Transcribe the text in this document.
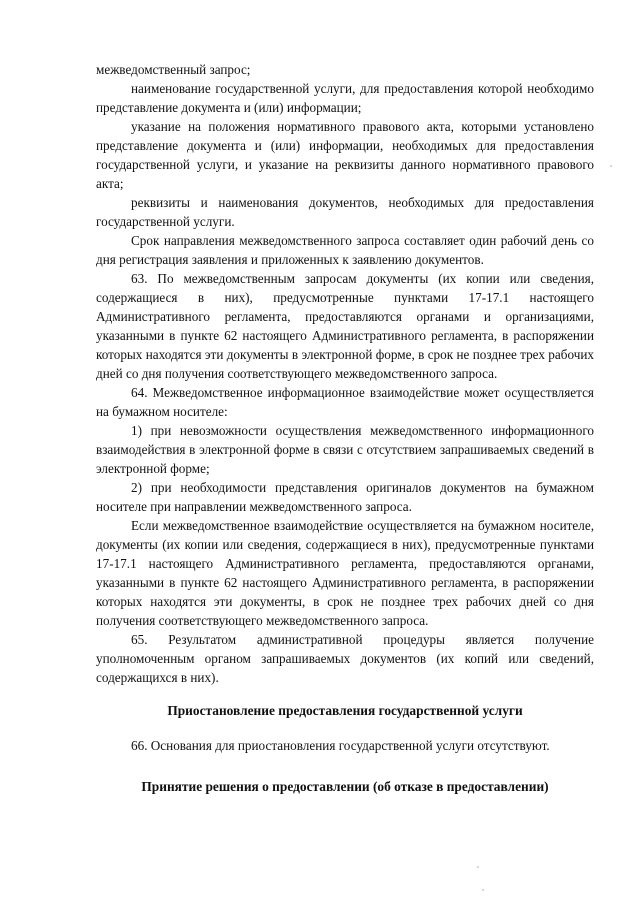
межведомственный запрос;

наименование государственной услуги, для предоставления которой необходимо представление документа и (или) информации;

указание на положения нормативного правового акта, которыми установлено представление документа и (или) информации, необходимых для предоставления государственной услуги, и указание на реквизиты данного нормативного правового акта;

реквизиты и наименования документов, необходимых для предоставления государственной услуги.

Срок направления межведомственного запроса составляет один рабочий день со дня регистрация заявления и приложенных к заявлению документов.

63. По межведомственным запросам документы (их копии или сведения, содержащиеся в них), предусмотренные пунктами 17-17.1 настоящего Административного регламента, предоставляются органами и организациями, указанными в пункте 62 настоящего Административного регламента, в распоряжении которых находятся эти документы в электронной форме, в срок не позднее трех рабочих дней со дня получения соответствующего межведомственного запроса.

64. Межведомственное информационное взаимодействие может осуществляется на бумажном носителе:

1) при невозможности осуществления межведомственного информационного взаимодействия в электронной форме в связи с отсутствием запрашиваемых сведений в электронной форме;

2) при необходимости представления оригиналов документов на бумажном носителе при направлении межведомственного запроса.

Если межведомственное взаимодействие осуществляется на бумажном носителе, документы (их копии или сведения, содержащиеся в них), предусмотренные пунктами 17-17.1 настоящего Административного регламента, предоставляются органами, указанными в пункте 62 настоящего Административного регламента, в распоряжении которых находятся эти документы, в срок не позднее трех рабочих дней со дня получения соответствующего межведомственного запроса.

65. Результатом административной процедуры является получение уполномоченным органом запрашиваемых документов (их копий или сведений, содержащихся в них).

Приостановление предоставления государственной услуги

66. Основания для приостановления государственной услуги отсутствуют.

Принятие решения о предоставлении (об отказе в предоставлении)
